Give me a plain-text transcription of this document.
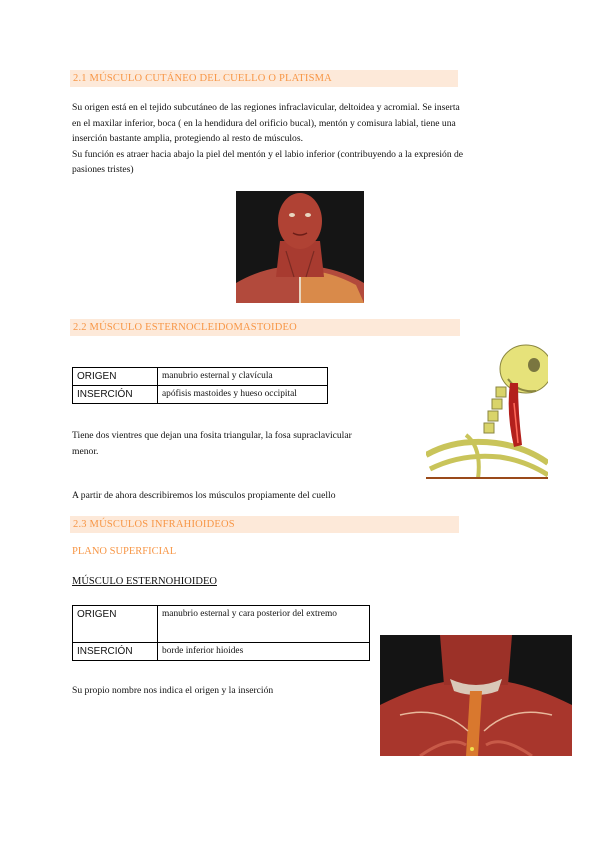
2.1 MÚSCULO CUTÁNEO DEL CUELLO O PLATISMA
Su origen está en el tejido subcutáneo de las regiones infraclavicular, deltoidea y acromial. Se inserta
en el maxilar inferior, boca ( en la hendidura del orificio bucal), mentón y comisura labial, tiene una
inserción bastante amplia, protegiendo al resto de músculos.
Su función es atraer hacia abajo la piel del mentón y el labio inferior (contribuyendo a la expresión de
pasiones tristes)
2.2 MÚSCULO ESTERNOCLEIDOMASTOIDEO
ORIGEN	manubrio esternal y clavícula
INSERCIÓN	apófisis mastoides y hueso occipital
Tiene dos vientres que dejan una fosita triangular, la fosa supraclavicular
menor.
A partir de ahora describiremos los músculos propiamente del cuello
2.3 MÚSCULOS INFRAHIOIDEOS
PLANO SUPERFICIAL
MÚSCULO ESTERNOHIOIDEO
ORIGEN	manubrio esternal y cara posterior del extremo
INSERCIÓN	borde inferior hioides
Su propio nombre nos indica el origen y la inserción
